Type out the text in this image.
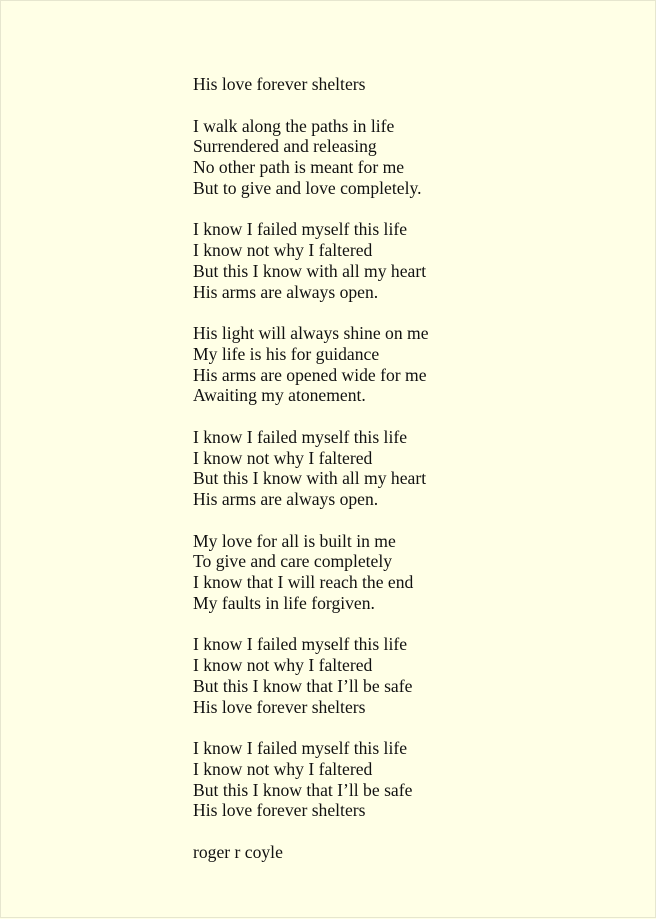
His love forever shelters

I walk along the paths in life
Surrendered and releasing
No other path is meant for me
But to give and love completely.

I know I failed myself this life
I know not why I faltered
But this I know with all my heart
His arms are always open.

His light will always shine on me
My life is his for guidance
His arms are opened wide for me
Awaiting my atonement.

I know I failed myself this life
I know not why I faltered
But this I know with all my heart
His arms are always open.

My love for all is built in me
To give and care completely
I know that I will reach the end
My faults in life forgiven.

I know I failed myself this life
I know not why I faltered
But this I know that I’ll be safe
His love forever shelters

I know I failed myself this life
I know not why I faltered
But this I know that I’ll be safe
His love forever shelters

roger r coyle
